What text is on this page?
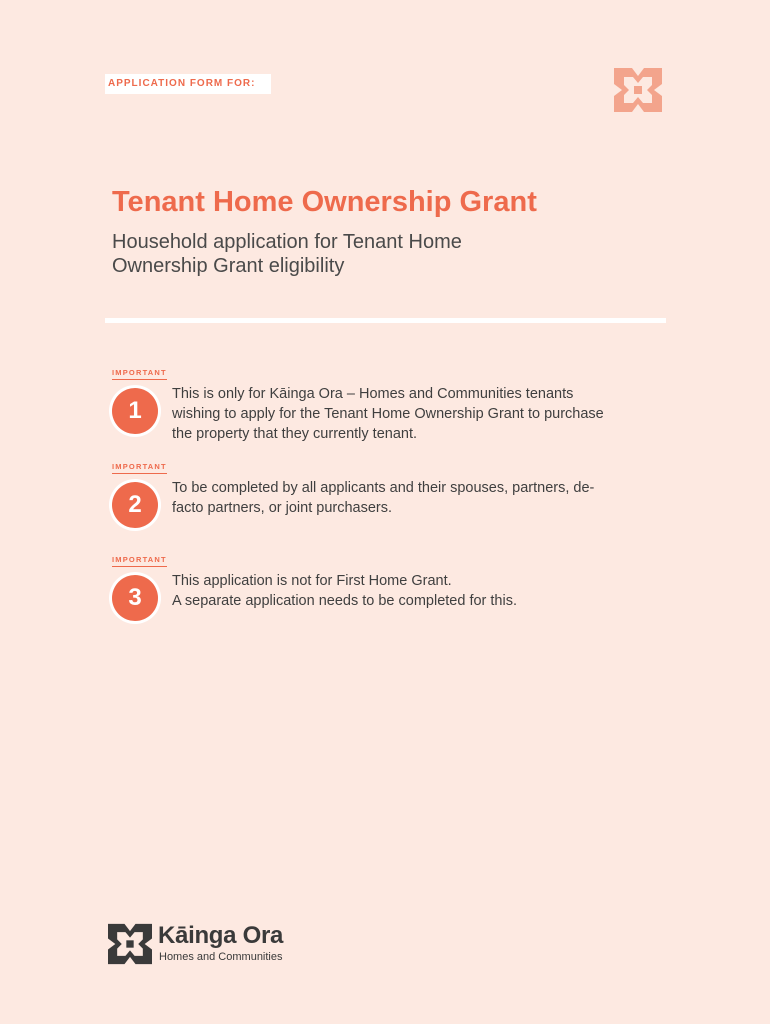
APPLICATION FORM FOR:
Tenant Home Ownership Grant
Household application for Tenant Home Ownership Grant eligibility
IMPORTANT
1
This is only for Kāinga Ora – Homes and Communities tenants wishing to apply for the Tenant Home Ownership Grant to purchase the property that they currently tenant.
IMPORTANT
2
To be completed by all applicants and their spouses, partners, de-facto partners, or joint purchasers.
IMPORTANT
3
This application is not for First Home Grant.
A separate application needs to be completed for this.
Kāinga Ora
Homes and Communities
